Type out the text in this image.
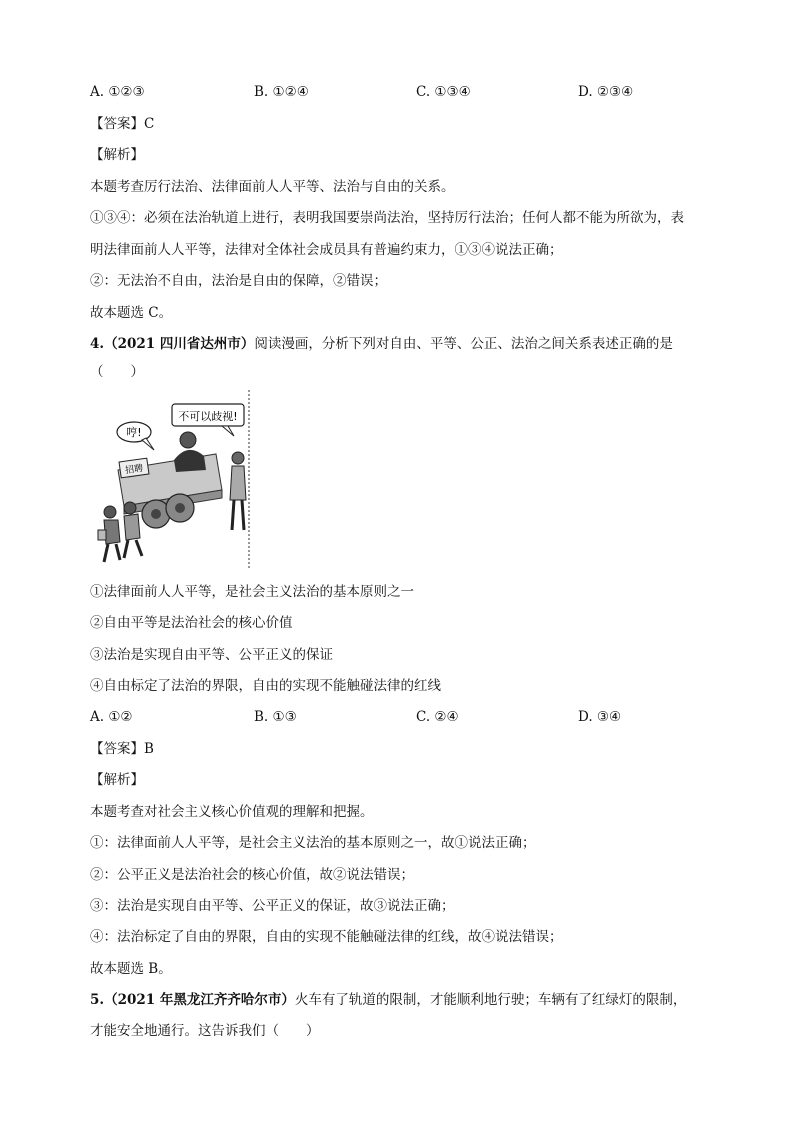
A. ①②③	B. ①②④	C. ①③④	D. ②③④
【答案】C
【解析】
本题考查厉行法治、法律面前人人平等、法治与自由的关系。
①③④：必须在法治轨道上进行，表明我国要崇尚法治，坚持厉行法治；任何人都不能为所欲为，表
明法律面前人人平等，法律对全体社会成员具有普遍约束力，①③④说法正确；
②：无法治不自由，法治是自由的保障，②错误；
故本题选 C。
4.（2021 四川省达州市）阅读漫画，分析下列对自由、平等、公正、法治之间关系表述正确的是
（　　）
不可以歧视!
哼!
招聘
①法律面前人人平等，是社会主义法治的基本原则之一
②自由平等是法治社会的核心价值
③法治是实现自由平等、公平正义的保证
④自由标定了法治的界限，自由的实现不能触碰法律的红线
A. ①②	B. ①③	C. ②④	D. ③④
【答案】B
【解析】
本题考查对社会主义核心价值观的理解和把握。
①：法律面前人人平等，是社会主义法治的基本原则之一，故①说法正确；
②：公平正义是法治社会的核心价值，故②说法错误；
③：法治是实现自由平等、公平正义的保证，故③说法正确；
④：法治标定了自由的界限，自由的实现不能触碰法律的红线，故④说法错误；
故本题选 B。
5.（2021 年黑龙江齐齐哈尔市）火车有了轨道的限制，才能顺利地行驶；车辆有了红绿灯的限制，
才能安全地通行。这告诉我们（　　）
